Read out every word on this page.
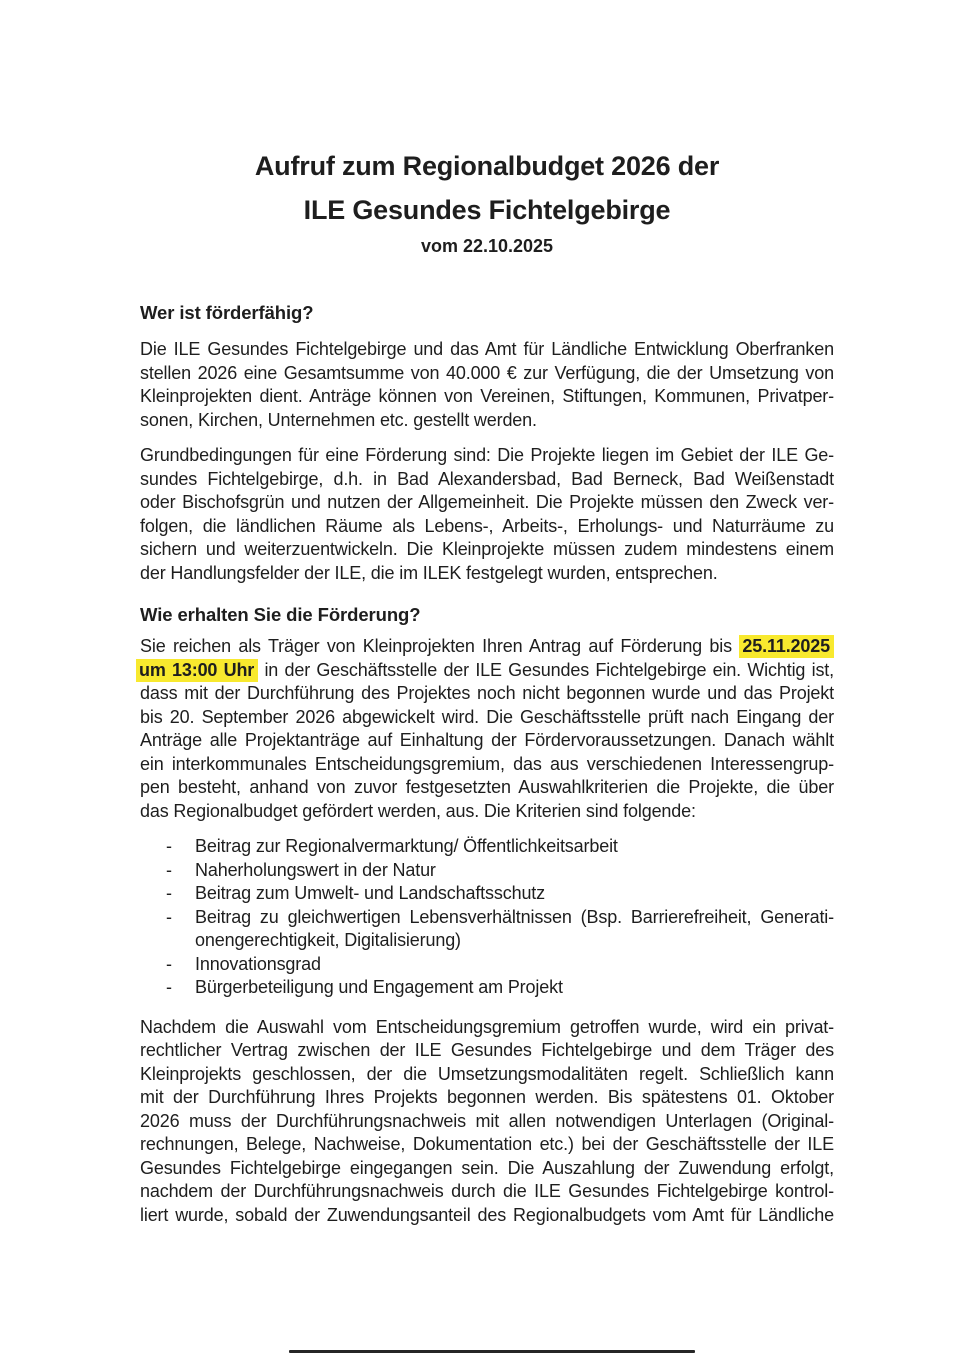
Aufruf zum Regionalbudget 2026 der
ILE Gesundes Fichtelgebirge
vom 22.10.2025
Wer ist förderfähig?
Die ILE Gesundes Fichtelgebirge und das Amt für Ländliche Entwicklung Oberfranken
stellen 2026 eine Gesamtsumme von 40.000 € zur Verfügung, die der Umsetzung von
Kleinprojekten dient. Anträge können von Vereinen, Stiftungen, Kommunen, Privatper-
sonen, Kirchen, Unternehmen etc. gestellt werden.
Grundbedingungen für eine Förderung sind: Die Projekte liegen im Gebiet der ILE Ge-
sundes Fichtelgebirge, d.h. in Bad Alexandersbad, Bad Berneck, Bad Weißenstadt
oder Bischofsgrün und nutzen der Allgemeinheit. Die Projekte müssen den Zweck ver-
folgen, die ländlichen Räume als Lebens-, Arbeits-, Erholungs- und Naturräume zu
sichern und weiterzuentwickeln. Die Kleinprojekte müssen zudem mindestens einem
der Handlungsfelder der ILE, die im ILEK festgelegt wurden, entsprechen.
Wie erhalten Sie die Förderung?
Sie reichen als Träger von Kleinprojekten Ihren Antrag auf Förderung bis 25.11.2025
um 13:00 Uhr in der Geschäftsstelle der ILE Gesundes Fichtelgebirge ein. Wichtig ist,
dass mit der Durchführung des Projektes noch nicht begonnen wurde und das Projekt
bis 20. September 2026 abgewickelt wird. Die Geschäftsstelle prüft nach Eingang der
Anträge alle Projektanträge auf Einhaltung der Fördervoraussetzungen. Danach wählt
ein interkommunales Entscheidungsgremium, das aus verschiedenen Interessengrup-
pen besteht, anhand von zuvor festgesetzten Auswahlkriterien die Projekte, die über
das Regionalbudget gefördert werden, aus. Die Kriterien sind folgende:
-	Beitrag zur Regionalvermarktung/ Öffentlichkeitsarbeit
-	Naherholungswert in der Natur
-	Beitrag zum Umwelt- und Landschaftsschutz
-	Beitrag zu gleichwertigen Lebensverhältnissen (Bsp. Barrierefreiheit, Generati-
onengerechtigkeit, Digitalisierung)
-	Innovationsgrad
-	Bürgerbeteiligung und Engagement am Projekt
Nachdem die Auswahl vom Entscheidungsgremium getroffen wurde, wird ein privat-
rechtlicher Vertrag zwischen der ILE Gesundes Fichtelgebirge und dem Träger des
Kleinprojekts geschlossen, der die Umsetzungsmodalitäten regelt. Schließlich kann
mit der Durchführung Ihres Projekts begonnen werden. Bis spätestens 01. Oktober
2026 muss der Durchführungsnachweis mit allen notwendigen Unterlagen (Original-
rechnungen, Belege, Nachweise, Dokumentation etc.) bei der Geschäftsstelle der ILE
Gesundes Fichtelgebirge eingegangen sein. Die Auszahlung der Zuwendung erfolgt,
nachdem der Durchführungsnachweis durch die ILE Gesundes Fichtelgebirge kontrol-
liert wurde, sobald der Zuwendungsanteil des Regionalbudgets vom Amt für Ländliche
